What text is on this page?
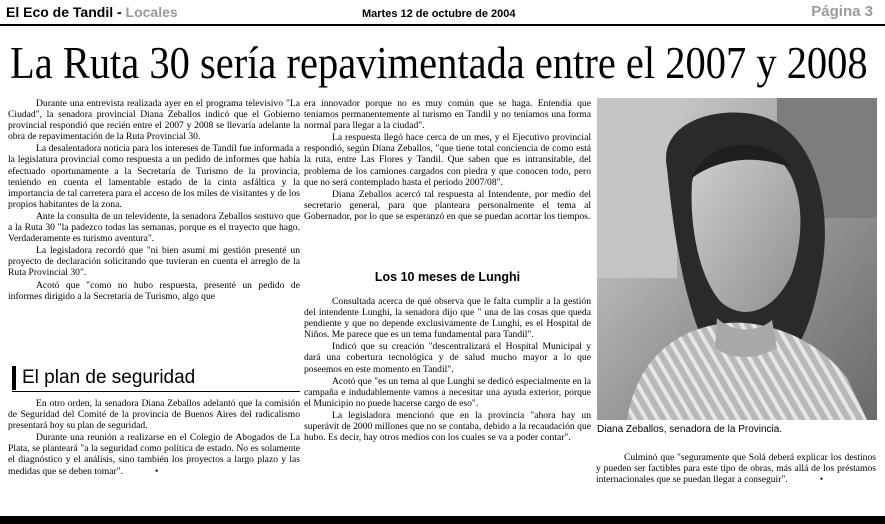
El Eco de Tandil - Locales	Martes 12 de octubre de 2004	Página 3
La Ruta 30 sería repavimentada entre el 2007 y 2008

Durante una entrevista realizada ayer en el programa televisivo "La Ciudad", la senadora provincial Diana Zeballos indicó que el Gobierno provincial respondió que recién entre el 2007 y 2008 se llevaría adelante la obra de repavimentación de la Ruta Provincial 30.

La desalentadora noticia para los intereses de Tandil fue informada a la legislatura provincial como respuesta a un pedido de informes que había efectuado oportunamente a la Secretaría de Turismo de la provincia, teniendo en cuenta el lamentable estado de la cinta asfáltica y la importancia de tal carretera para el acceso de los miles de visitantes y de los propios habitantes de la zona.

Ante la consulta de un televidente, la senadora Zeballos sostuvo que a la Ruta 30 "la padezco todas las semanas, porque es el trayecto que hago. Verdaderamente es turismo aventura".

La legisladora recordó que "ni bien asumí mi gestión presenté un proyecto de declaración solicitando que tuvieran en cuenta el arreglo de la Ruta Provincial 30".

Acotó que "como no hubo respuesta, presenté un pedido de informes dirigido a la Secretaría de Turismo, algo que

El plan de seguridad

En otro orden, la senadora Diana Zeballos adelantó que la comisión de Seguridad del Comité de la provincia de Buenos Aires del radicalismo presentará hoy su plan de seguridad.

Durante una reunión a realizarse en el Colegio de Abogados de La Plata, se planteará "a la seguridad como política de estado. No es solamente el diagnóstico y el análisis, sino también los proyectos a largo plazo y las medidas que se deben tomar".	•

era innovador porque no es muy común que se haga. Entendía que teníamos permanentemente al turismo en Tandil y no teníamos una forma normal para llegar a la ciudad".

La respuesta llegó hace cerca de un mes, y el Ejecutivo provincial respondió, según Diana Zeballos, "que tiene total conciencia de como está la ruta, entre Las Flores y Tandil. Que saben que es intransitable, del problema de los camiones cargados con piedra y que conocen todo, pero que no será contemplado hasta el período 2007/08".

Diana Zeballos acercó tal respuesta al Intendente, por medio del secretario general, para que planteara personalmente el tema al Gobernador, por lo que se esperanzó en que se puedan acortar los tiempos.

Los 10 meses de Lunghi

Consultada acerca de qué observa que le falta cumplir a la gestión del intendente Lunghi, la senadora dijo que " una de las cosas que queda pendiente y que no depende exclusivamente de Lunghi, es el Hospital de Niños. Me parece que es un tema fundamental para Tandil".

Indicó que su creación "descentralizará el Hospital Municipal y dará una cobertura tecnológica y de salud mucho mayor a lo que poseemos en este momento en Tandil".

Acotó que "es un tema al que Lunghi se dedicó especialmente en la campaña e indudablemente vamos a necesitar una ayuda exterior, porque el Municipio no puede hacerse cargo de eso".

La legisladora mencionó que en la provincia "ahora hay un superávit de 2000 millones que no se contaba, debido a la recaudación que hubo. Es decir, hay otros medios con los cuales se va a poder contar".

Diana Zeballos, senadora de la Provincia.

Culminó que "seguramente que Solá deberá explicar los destinos y pueden ser factibles para este tipo de obras, más allá de los préstamos internacionales que se puedan llegar a conseguir".	•
